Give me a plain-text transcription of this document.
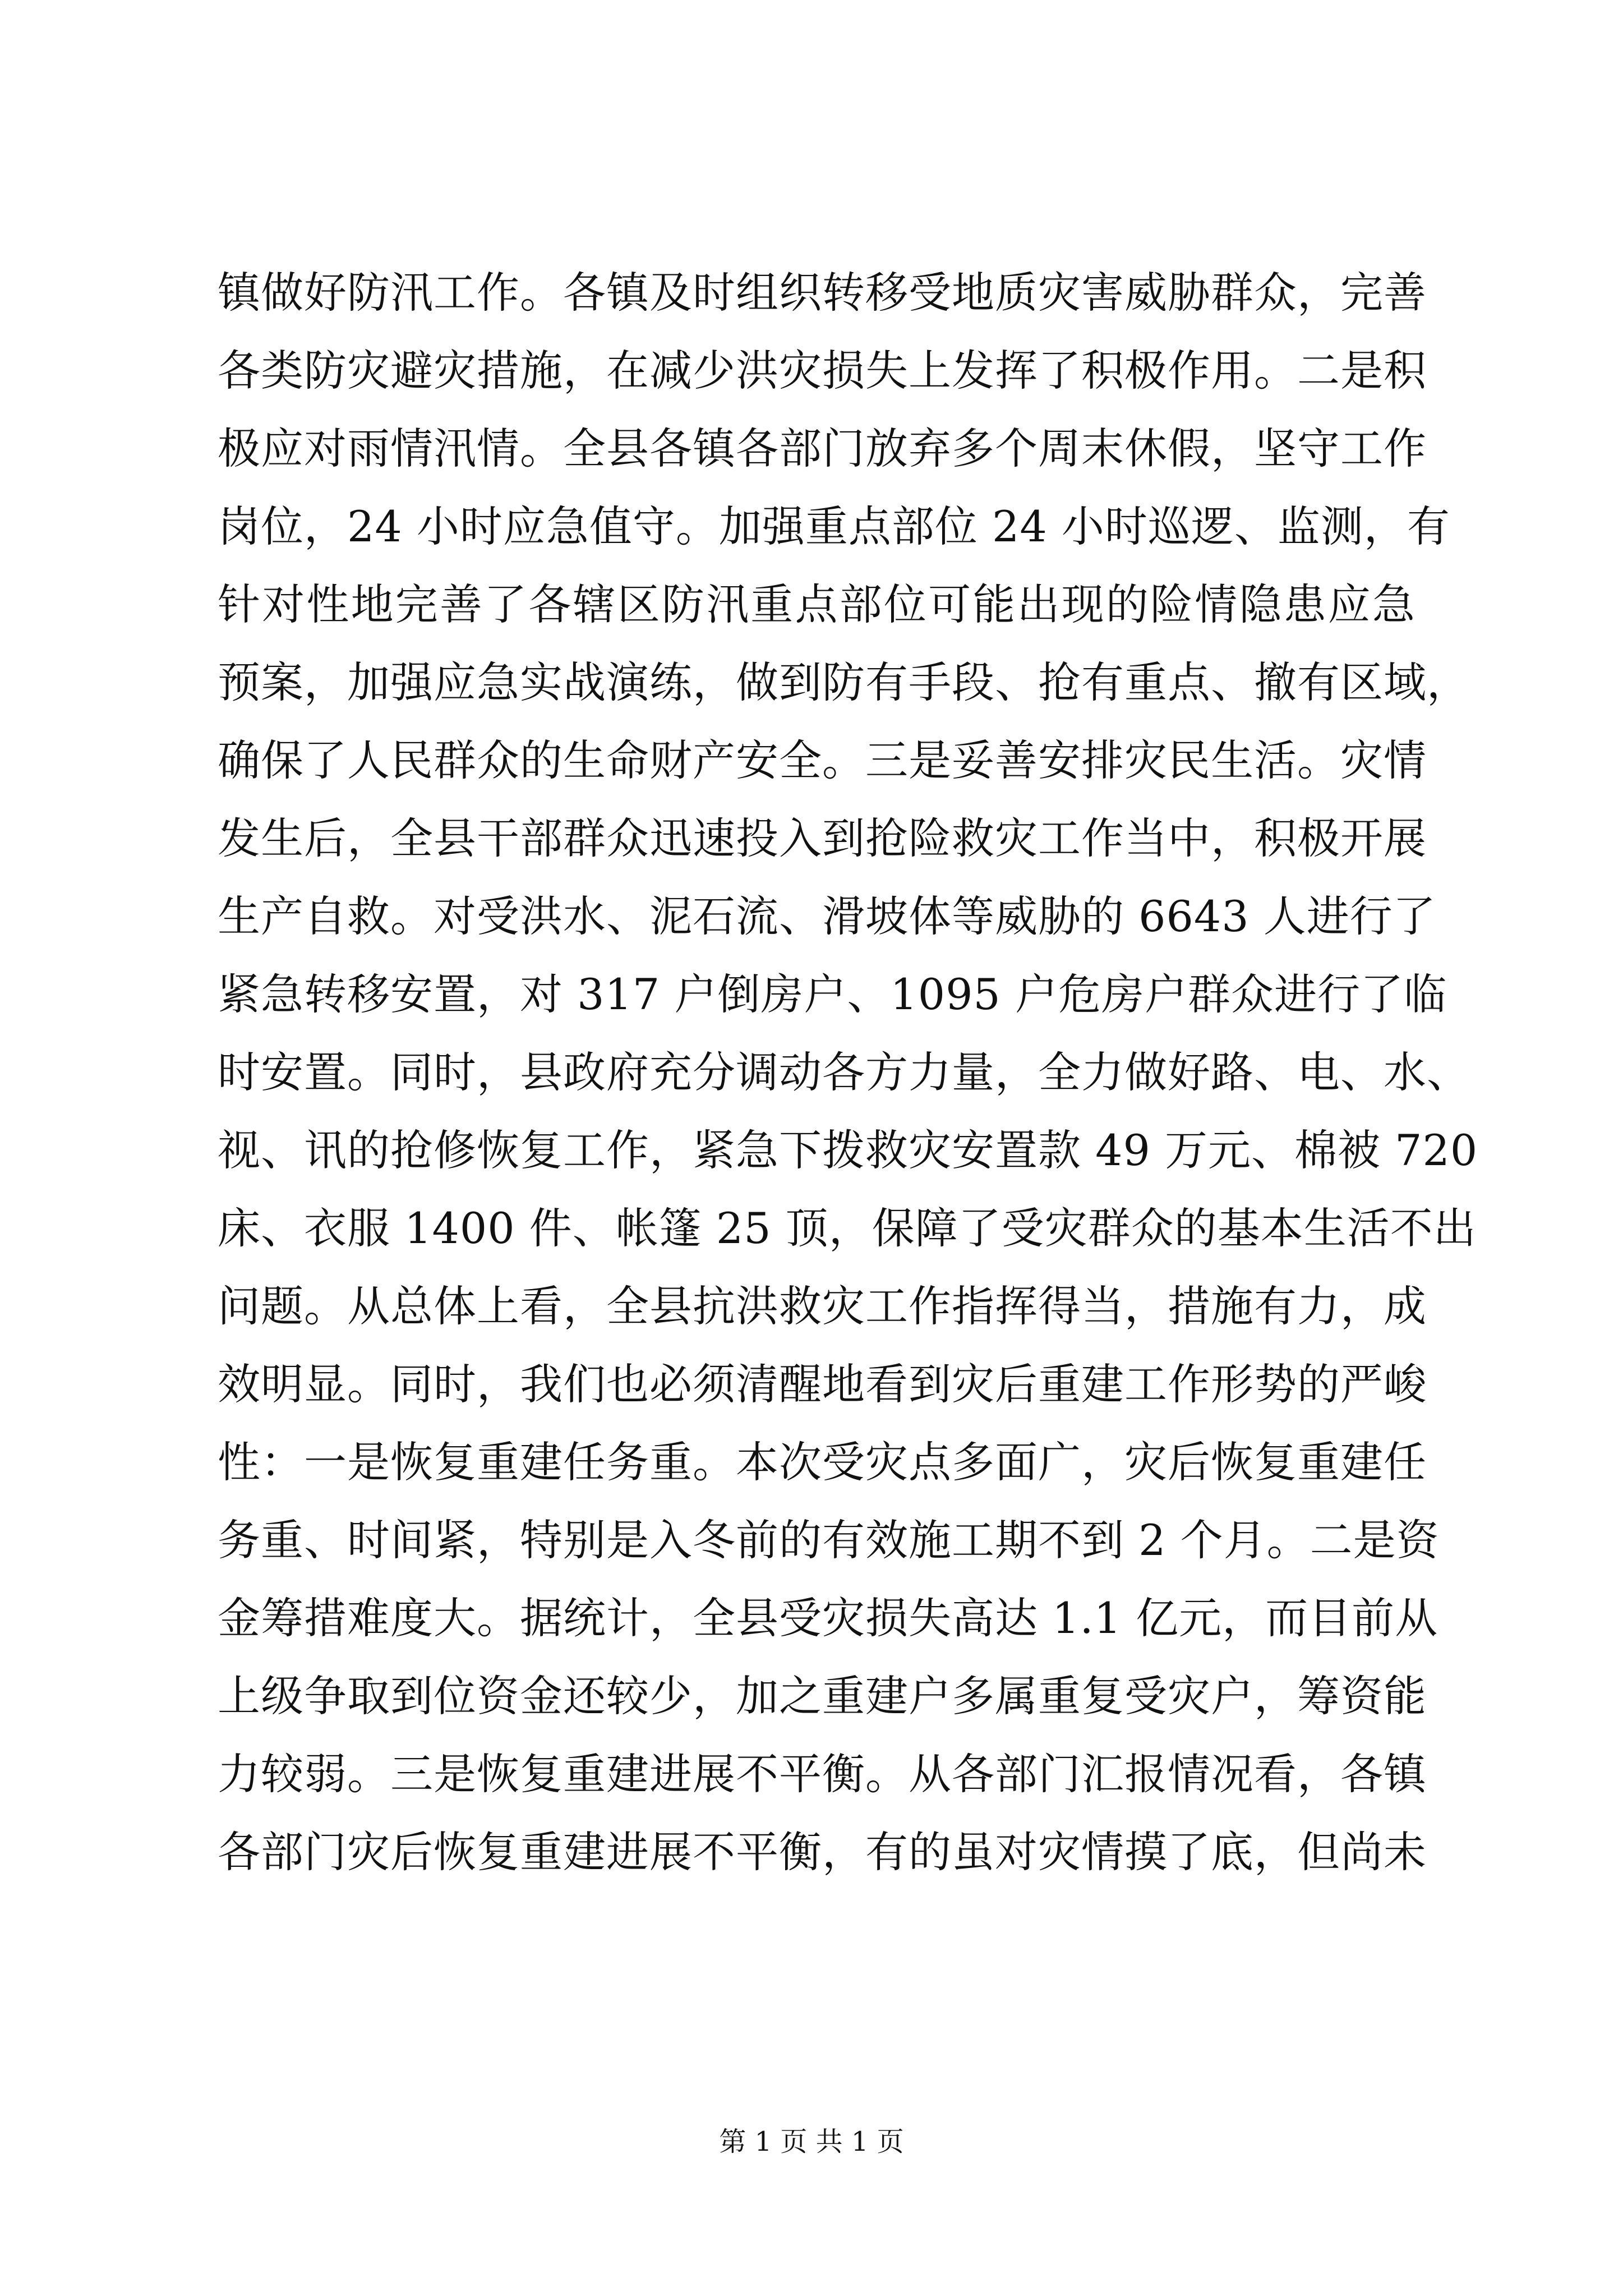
镇做好防汛工作。各镇及时组织转移受地质灾害威胁群众，完善
各类防灾避灾措施，在减少洪灾损失上发挥了积极作用。二是积
极应对雨情汛情。全县各镇各部门放弃多个周末休假，坚守工作
岗位，24 小时应急值守。加强重点部位 24 小时巡逻、监测，有
针对性地完善了各辖区防汛重点部位可能出现的险情隐患应急
预案，加强应急实战演练，做到防有手段、抢有重点、撤有区域，
确保了人民群众的生命财产安全。三是妥善安排灾民生活。灾情
发生后，全县干部群众迅速投入到抢险救灾工作当中，积极开展
生产自救。对受洪水、泥石流、滑坡体等威胁的 6643 人进行了
紧急转移安置，对 317 户倒房户、1095 户危房户群众进行了临
时安置。同时，县政府充分调动各方力量，全力做好路、电、水、
视、讯的抢修恢复工作，紧急下拨救灾安置款 49 万元、棉被 720
床、衣服 1400 件、帐篷 25 顶，保障了受灾群众的基本生活不出
问题。从总体上看，全县抗洪救灾工作指挥得当，措施有力，成
效明显。同时，我们也必须清醒地看到灾后重建工作形势的严峻
性：一是恢复重建任务重。本次受灾点多面广，灾后恢复重建任
务重、时间紧，特别是入冬前的有效施工期不到 2 个月。二是资
金筹措难度大。据统计，全县受灾损失高达 1.1 亿元，而目前从
上级争取到位资金还较少，加之重建户多属重复受灾户，筹资能
力较弱。三是恢复重建进展不平衡。从各部门汇报情况看，各镇
各部门灾后恢复重建进展不平衡，有的虽对灾情摸了底，但尚未
第 1 页 共 1 页
